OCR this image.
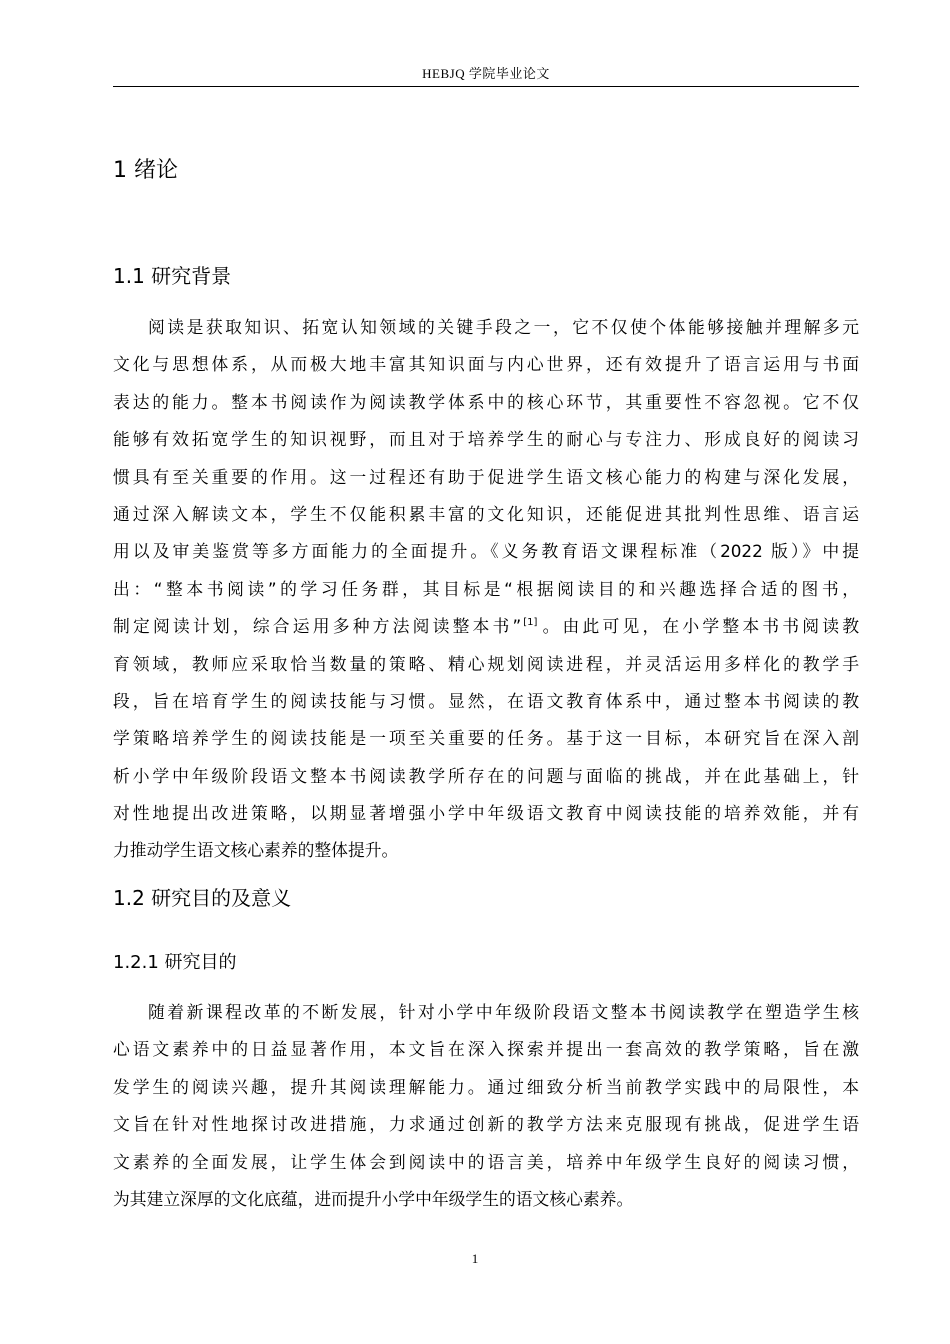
HEBJQ 学院毕业论文
1 绪论
1.1 研究背景
阅读是获取知识、拓宽认知领域的关键手段之一，它不仅使个体能够接触并理解多元
文化与思想体系，从而极大地丰富其知识面与内心世界，还有效提升了语言运用与书面
表达的能力。整本书阅读作为阅读教学体系中的核心环节，其重要性不容忽视。它不仅
能够有效拓宽学生的知识视野，而且对于培养学生的耐心与专注力、形成良好的阅读习
惯具有至关重要的作用。这一过程还有助于促进学生语文核心能力的构建与深化发展，
通过深入解读文本，学生不仅能积累丰富的文化知识，还能促进其批判性思维、语言运
用以及审美鉴赏等多方面能力的全面提升。《义务教育语文课程标准（2022 版）》中提
出：“整本书阅读”的学习任务群，其目标是“根据阅读目的和兴趣选择合适的图书，
制定阅读计划，综合运用多种方法阅读整本书” [1] 。由此可见，在小学整本书书阅读教
育领域，教师应采取恰当数量的策略、精心规划阅读进程，并灵活运用多样化的教学手
段，旨在培育学生的阅读技能与习惯。显然，在语文教育体系中，通过整本书阅读的教
学策略培养学生的阅读技能是一项至关重要的任务。基于这一目标，本研究旨在深入剖
析小学中年级阶段语文整本书阅读教学所存在的问题与面临的挑战，并在此基础上，针
对性地提出改进策略，以期显著增强小学中年级语文教育中阅读技能的培养效能，并有
力推动学生语文核心素养的整体提升。
1.2 研究目的及意义
1.2.1 研究目的
随着新课程改革的不断发展，针对小学中年级阶段语文整本书阅读教学在塑造学生核
心语文素养中的日益显著作用，本文旨在深入探索并提出一套高效的教学策略，旨在激
发学生的阅读兴趣，提升其阅读理解能力。通过细致分析当前教学实践中的局限性，本
文旨在针对性地探讨改进措施，力求通过创新的教学方法来克服现有挑战，促进学生语
文素养的全面发展，让学生体会到阅读中的语言美，培养中年级学生良好的阅读习惯，
为其建立深厚的文化底蕴，进而提升小学中年级学生的语文核心素养。
1
